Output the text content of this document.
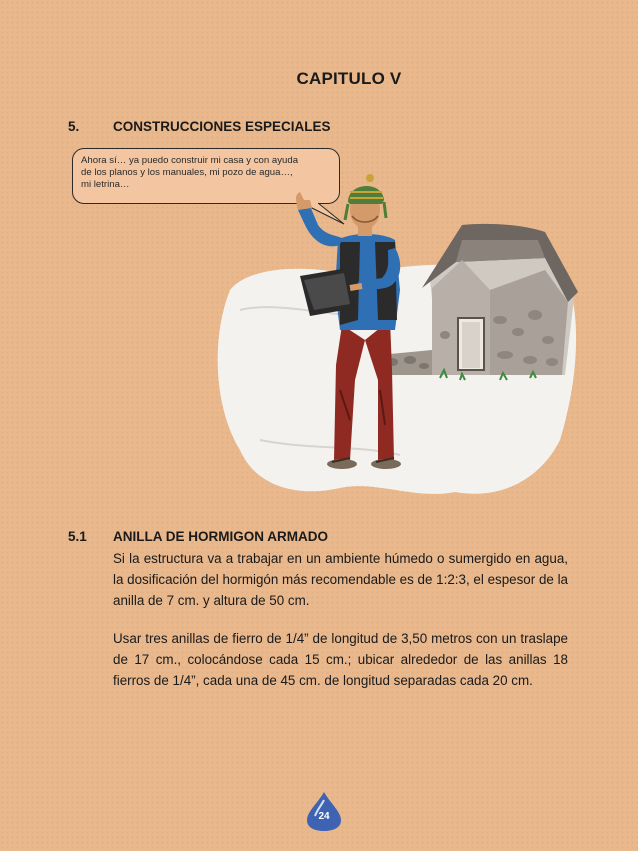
CAPITULO V
5. CONSTRUCCIONES ESPECIALES
Ahora sí… ya puedo construir mi casa y con ayuda
de los planos y los manuales, mi pozo de agua…,
mi letrina…
5.1 ANILLA DE HORMIGON ARMADO
Si la estructura va a trabajar en un ambiente húmedo o sumergido en agua, la dosificación del hormigón más recomendable es de 1:2:3, el espesor de la anilla de 7 cm. y altura de 50 cm.
Usar tres anillas de fierro de 1/4” de longitud de 3,50 metros con un traslape de 17 cm., colocándose cada 15 cm.; ubicar alrededor de las anillas 18 fierros de 1/4”, cada una de 45 cm. de longitud separadas cada 20 cm.
24
